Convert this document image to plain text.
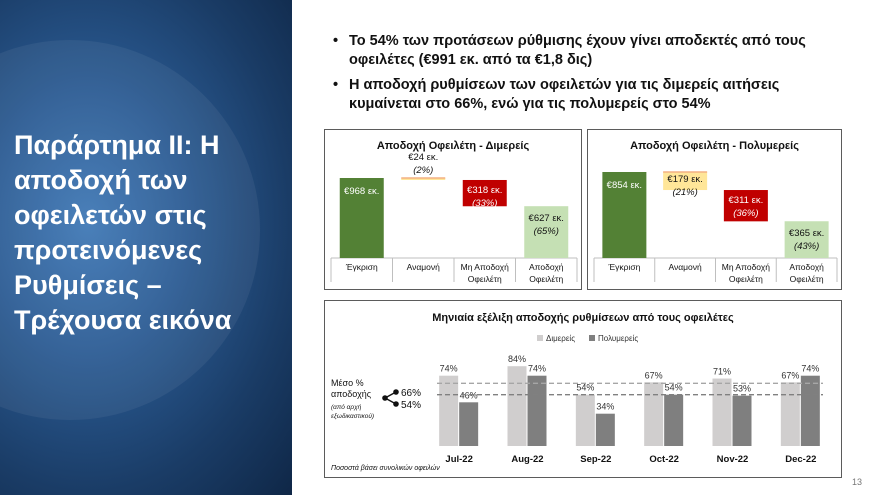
Παράρτημα ΙΙ: Η αποδοχή των οφειλετών στις προτεινόμενες Ρυθμίσεις – Τρέχουσα εικόνα
• Το 54% των προτάσεων ρύθμισης έχουν γίνει αποδεκτές από τους οφειλέτες (€991 εκ. από τα €1,8 δις)
• Η αποδοχή ρυθμίσεων των οφειλετών για τις διμερείς αιτήσεις κυμαίνεται στο 66%, ενώ για τις πολυμερείς στο 54%
Αποδοχή Οφειλέτη - Διμερείς
€968 εκ.
Έγκριση
€24 εκ.
(2%)
Αναμονή
€318 εκ.
(33%)
Μη Αποδοχή
Οφειλέτη
€627 εκ.
(65%)
Αποδοχή
Οφειλέτη
Αποδοχή Οφειλέτη - Πολυμερείς
€854 εκ.
Έγκριση
€179 εκ.
(21%)
Αναμονή
€311 εκ.
(36%)
Μη Αποδοχή
Οφειλέτη
€365 εκ.
(43%)
Αποδοχή
Οφειλέτη
Μηνιαία εξέλιξη αποδοχής ρυθμίσεων από τους οφειλέτες
Διμερείς	Πολυμερείς
74%
46%
Jul-22
84%
74%
Aug-22
54%
34%
Sep-22
67%
54%
Oct-22
71%
53%
Nov-22
67%
74%
Dec-22
Μέσο %
αποδοχής
(από αρχή
εξωδικαστικού)
66%
54%
Ποσοστά βάσει συνολικών οφειλών
13
